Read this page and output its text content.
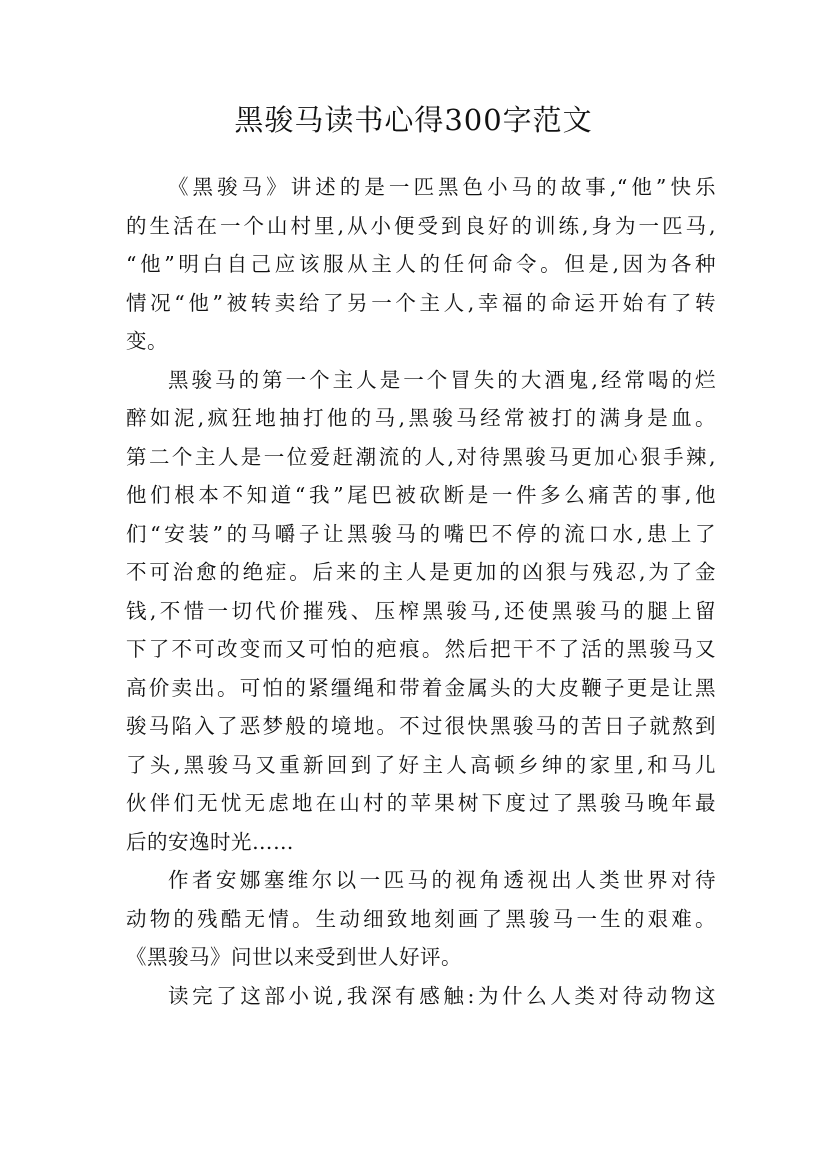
黑骏马读书心得300字范文
《黑骏马》讲述的是一匹黑色小马的故事,“他”快乐
的生活在一个山村里,从小便受到良好的训练,身为一匹马,
“他”明白自己应该服从主人的任何命令。但是,因为各种
情况“他”被转卖给了另一个主人,幸福的命运开始有了转
变。
黑骏马的第一个主人是一个冒失的大酒鬼,经常喝的烂
醉如泥,疯狂地抽打他的马,黑骏马经常被打的满身是血。
第二个主人是一位爱赶潮流的人,对待黑骏马更加心狠手辣,
他们根本不知道“我”尾巴被砍断是一件多么痛苦的事,他
们“安装”的马嚼子让黑骏马的嘴巴不停的流口水,患上了
不可治愈的绝症。后来的主人是更加的凶狠与残忍,为了金
钱,不惜一切代价摧残、压榨黑骏马,还使黑骏马的腿上留
下了不可改变而又可怕的疤痕。然后把干不了活的黑骏马又
高价卖出。可怕的紧缰绳和带着金属头的大皮鞭子更是让黑
骏马陷入了恶梦般的境地。不过很快黑骏马的苦日子就熬到
了头,黑骏马又重新回到了好主人高顿乡绅的家里,和马儿
伙伴们无忧无虑地在山村的苹果树下度过了黑骏马晚年最
后的安逸时光……
作者安娜塞维尔以一匹马的视角透视出人类世界对待
动物的残酷无情。生动细致地刻画了黑骏马一生的艰难。
《黑骏马》问世以来受到世人好评。
读完了这部小说,我深有感触:为什么人类对待动物这
